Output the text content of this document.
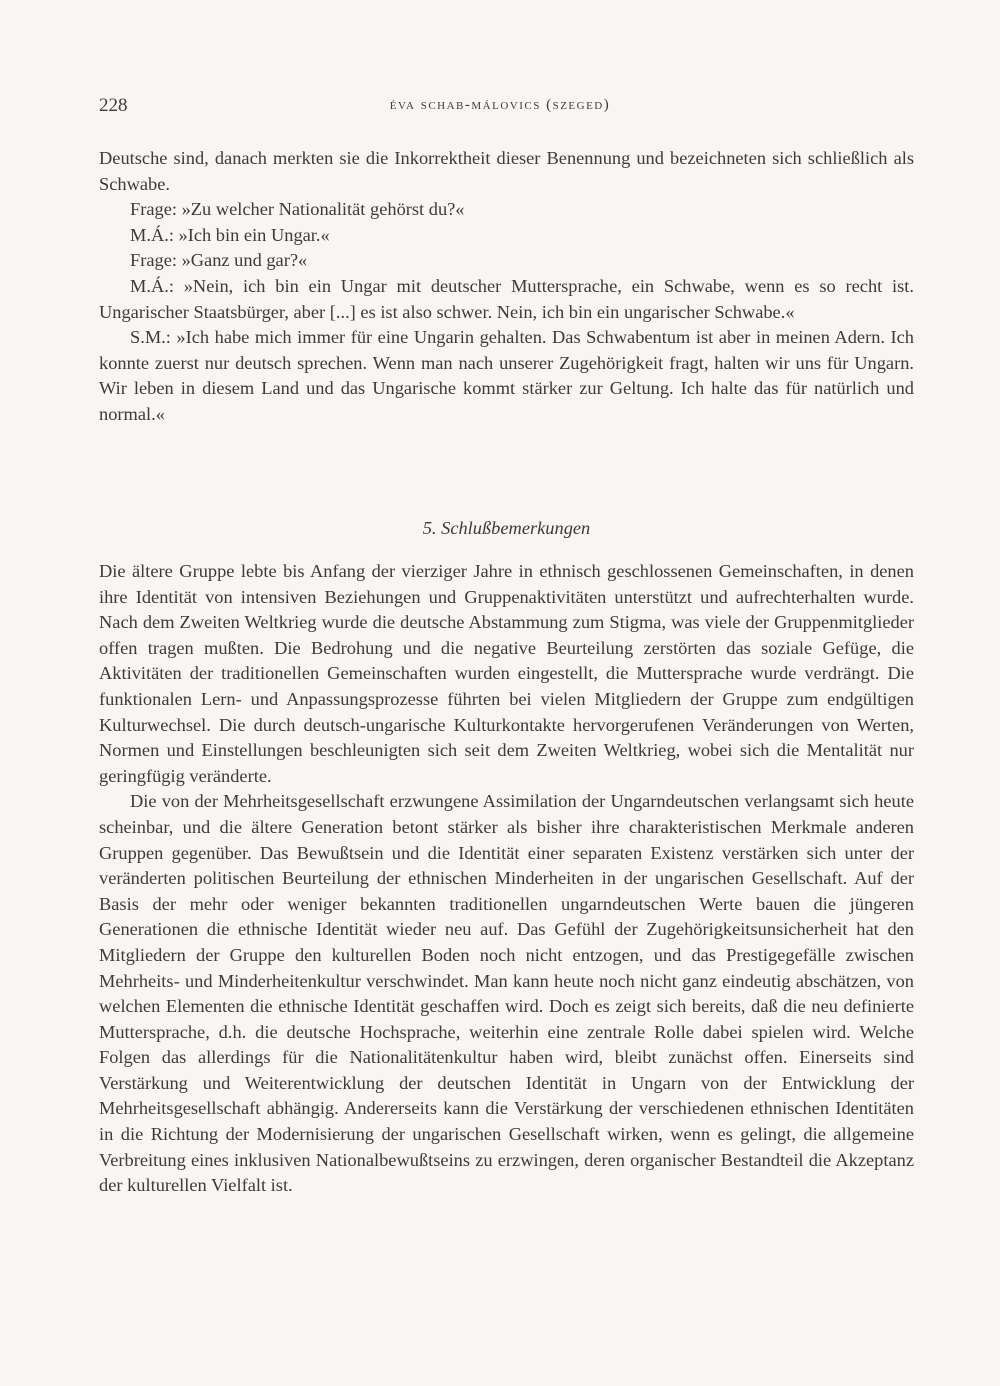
228	éva schab-málovics (szeged)

Deutsche sind, danach merkten sie die Inkorrektheit dieser Benennung und bezeichneten sich schließlich als Schwabe.

Frage: »Zu welcher Nationalität gehörst du?«

M.Á.: »Ich bin ein Ungar.«

Frage: »Ganz und gar?«

M.Á.: »Nein, ich bin ein Ungar mit deutscher Muttersprache, ein Schwabe, wenn es so recht ist. Ungarischer Staatsbürger, aber [...] es ist also schwer. Nein, ich bin ein ungarischer Schwabe.«

S.M.: »Ich habe mich immer für eine Ungarin gehalten. Das Schwabentum ist aber in meinen Adern. Ich konnte zuerst nur deutsch sprechen. Wenn man nach unserer Zugehörigkeit fragt, halten wir uns für Ungarn. Wir leben in diesem Land und das Ungarische kommt stärker zur Geltung. Ich halte das für natürlich und normal.«

5. Schlußbemerkungen

Die ältere Gruppe lebte bis Anfang der vierziger Jahre in ethnisch geschlossenen Gemeinschaften, in denen ihre Identität von intensiven Beziehungen und Gruppenaktivitäten unterstützt und aufrechterhalten wurde. Nach dem Zweiten Weltkrieg wurde die deutsche Abstammung zum Stigma, was viele der Gruppenmitglieder offen tragen mußten. Die Bedrohung und die negative Beurteilung zerstörten das soziale Gefüge, die Aktivitäten der traditionellen Gemeinschaften wurden eingestellt, die Muttersprache wurde verdrängt. Die funktionalen Lern- und Anpassungsprozesse führten bei vielen Mitgliedern der Gruppe zum endgültigen Kulturwechsel. Die durch deutsch-ungarische Kulturkontakte hervorgerufenen Veränderungen von Werten, Normen und Einstellungen beschleunigten sich seit dem Zweiten Weltkrieg, wobei sich die Mentalität nur geringfügig veränderte.

Die von der Mehrheitsgesellschaft erzwungene Assimilation der Ungarndeutschen verlangsamt sich heute scheinbar, und die ältere Generation betont stärker als bisher ihre charakteristischen Merkmale anderen Gruppen gegenüber. Das Bewußtsein und die Identität einer separaten Existenz verstärken sich unter der veränderten politischen Beurteilung der ethnischen Minderheiten in der ungarischen Gesellschaft. Auf der Basis der mehr oder weniger bekannten traditionellen ungarndeutschen Werte bauen die jüngeren Generationen die ethnische Identität wieder neu auf. Das Gefühl der Zugehörigkeitsunsicherheit hat den Mitgliedern der Gruppe den kulturellen Boden noch nicht entzogen, und das Prestigegefälle zwischen Mehrheits- und Minderheitenkultur verschwindet. Man kann heute noch nicht ganz eindeutig abschätzen, von welchen Elementen die ethnische Identität geschaffen wird. Doch es zeigt sich bereits, daß die neu definierte Muttersprache, d.h. die deutsche Hochsprache, weiterhin eine zentrale Rolle dabei spielen wird. Welche Folgen das allerdings für die Nationalitätenkultur haben wird, bleibt zunächst offen. Einerseits sind Verstärkung und Weiterentwicklung der deutschen Identität in Ungarn von der Entwicklung der Mehrheitsgesellschaft abhängig. Andererseits kann die Verstärkung der verschiedenen ethnischen Identitäten in die Richtung der Modernisierung der ungarischen Gesellschaft wirken, wenn es gelingt, die allgemeine Verbreitung eines inklusiven Nationalbewußtseins zu erzwingen, deren organischer Bestandteil die Akzeptanz der kulturellen Vielfalt ist.
